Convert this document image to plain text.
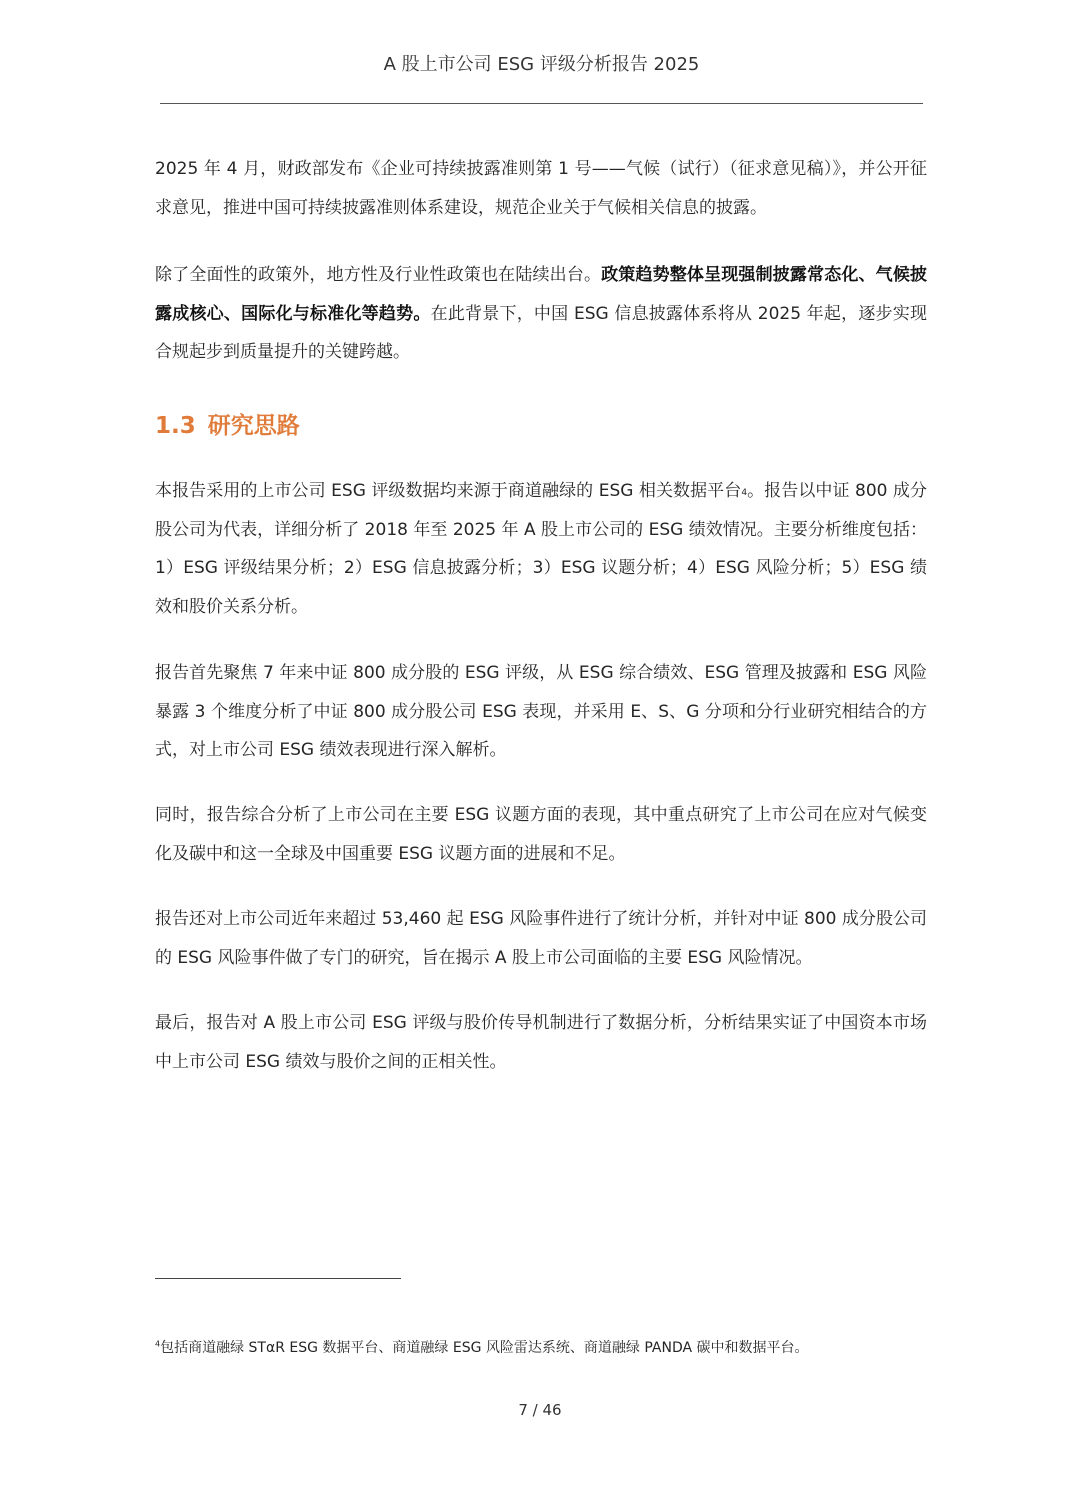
A 股上市公司 ESG 评级分析报告 2025

2025 年 4 月，财政部发布《企业可持续披露准则第 1 号——气候（试行）（征求意见稿）》，并公开征求意见，推进中国可持续披露准则体系建设，规范企业关于气候相关信息的披露。

除了全面性的政策外，地方性及行业性政策也在陆续出台。政策趋势整体呈现强制披露常态化、气候披露成核心、国际化与标准化等趋势。在此背景下，中国 ESG 信息披露体系将从 2025 年起，逐步实现合规起步到质量提升的关键跨越。

1.3 研究思路

本报告采用的上市公司 ESG 评级数据均来源于商道融绿的 ESG 相关数据平台$^4$。报告以中证 800 成分股公司为代表，详细分析了 2018 年至 2025 年 A 股上市公司的 ESG 绩效情况。主要分析维度包括：1）ESG 评级结果分析；2）ESG 信息披露分析；3）ESG 议题分析；4）ESG 风险分析；5）ESG 绩效和股价关系分析。

报告首先聚焦 7 年来中证 800 成分股的 ESG 评级，从 ESG 综合绩效、ESG 管理及披露和 ESG 风险暴露 3 个维度分析了中证 800 成分股公司 ESG 表现，并采用 E、S、G 分项和分行业研究相结合的方式，对上市公司 ESG 绩效表现进行深入解析。

同时，报告综合分析了上市公司在主要 ESG 议题方面的表现，其中重点研究了上市公司在应对气候变化及碳中和这一全球及中国重要 ESG 议题方面的进展和不足。

报告还对上市公司近年来超过 53,460 起 ESG 风险事件进行了统计分析，并针对中证 800 成分股公司的 ESG 风险事件做了专门的研究，旨在揭示 A 股上市公司面临的主要 ESG 风险情况。

最后，报告对 A 股上市公司 ESG 评级与股价传导机制进行了数据分析，分析结果实证了中国资本市场中上市公司 ESG 绩效与股价之间的正相关性。

$^4$包括商道融绿 STαR ESG 数据平台、商道融绿 ESG 风险雷达系统、商道融绿 PANDA 碳中和数据平台。

7 / 46
